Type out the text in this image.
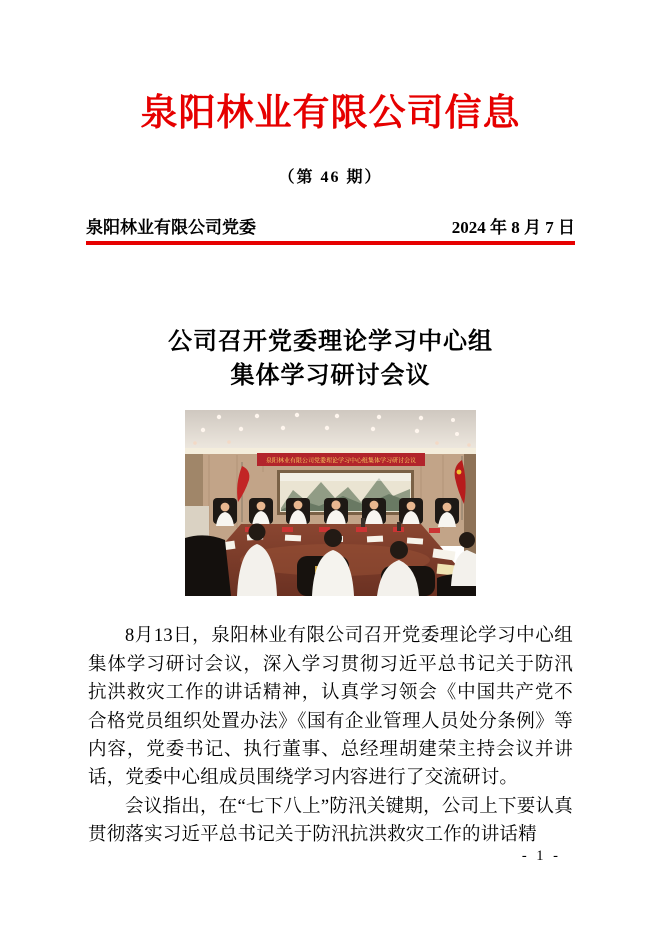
泉阳林业有限公司信息
（第 46 期）
泉阳林业有限公司党委	2024 年 8 月 7 日
公司召开党委理论学习中心组
集体学习研讨会议
泉阳林业有限公司党委理论学习中心组集体学习研讨会议

8月13日，泉阳林业有限公司召开党委理论学习中心组集体学习研讨会议，深入学习贯彻习近平总书记关于防汛抗洪救灾工作的讲话精神，认真学习领会《中国共产党不合格党员组织处置办法》《国有企业管理人员处分条例》等内容，党委书记、执行董事、总经理胡建荣主持会议并讲话，党委中心组成员围绕学习内容进行了交流研讨。

会议指出，在“七下八上”防汛关键期，公司上下要认真贯彻落实习近平总书记关于防汛抗洪救灾工作的讲话精

- 1 -
